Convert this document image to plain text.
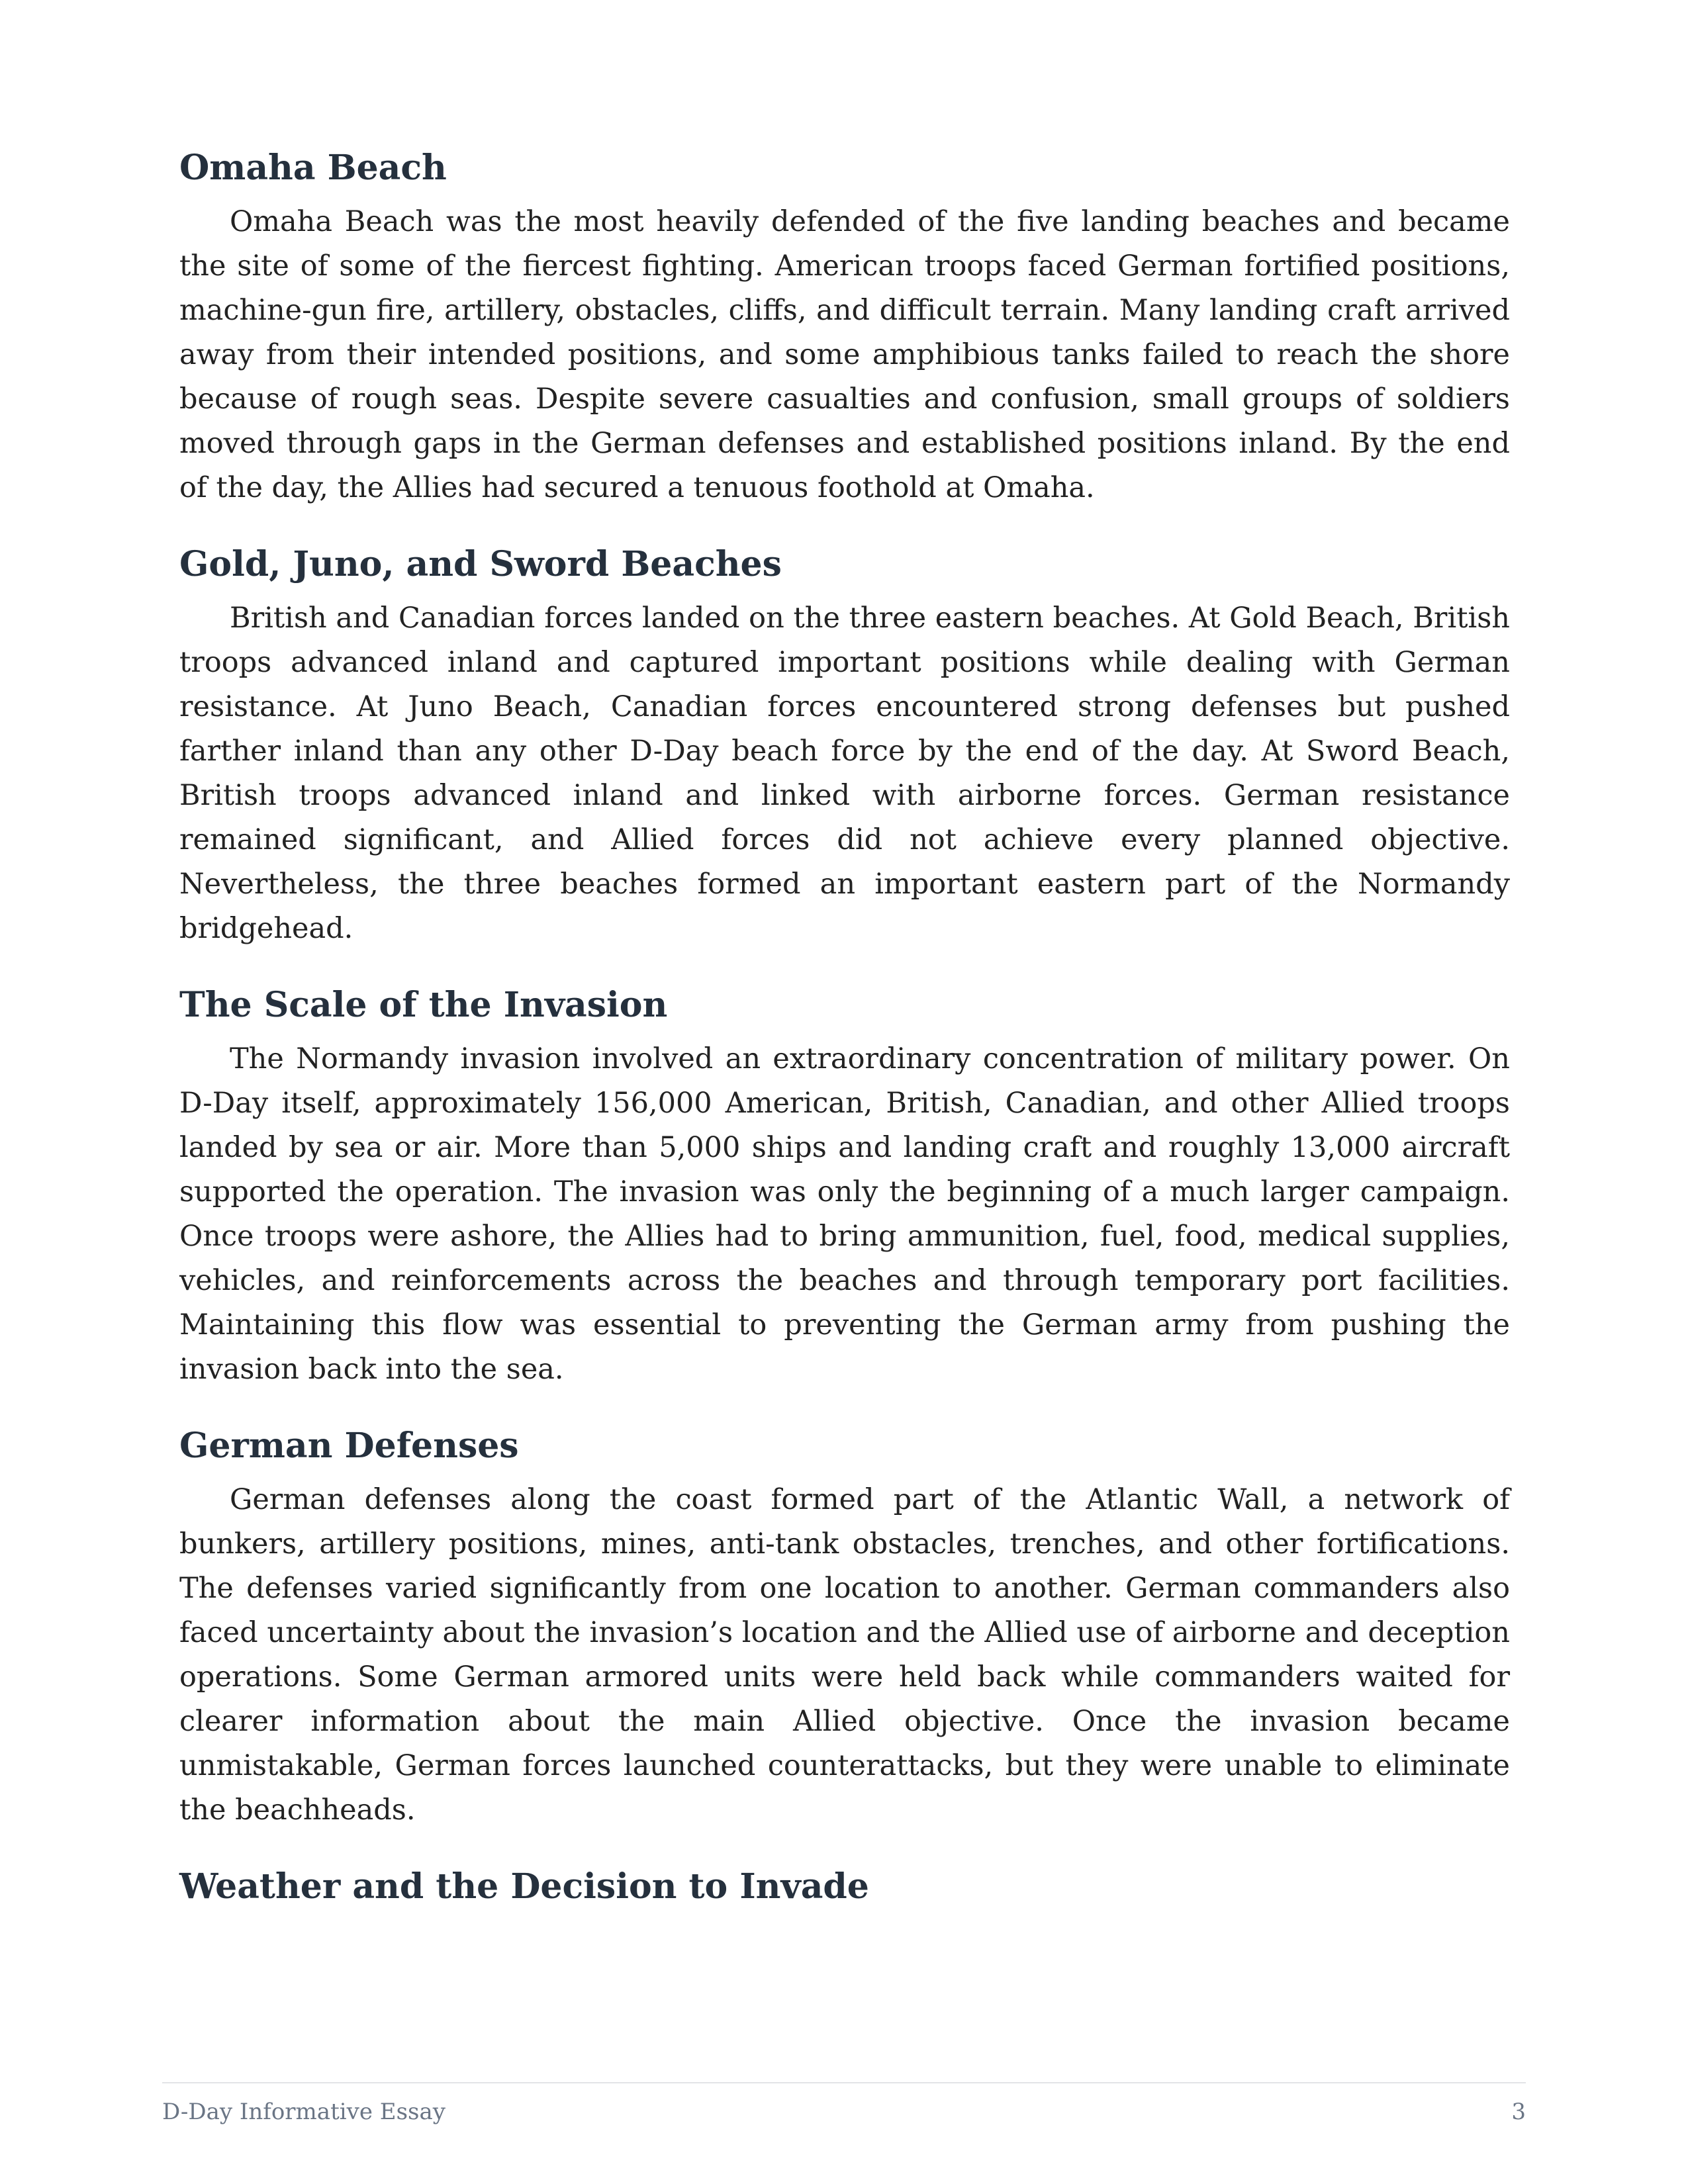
Omaha Beach

Omaha Beach was the most heavily defended of the five landing beaches and became the site of some of the fiercest fighting. American troops faced German fortified positions, machine-gun fire, artillery, obstacles, cliffs, and difficult terrain. Many landing craft arrived away from their intended positions, and some amphibious tanks failed to reach the shore because of rough seas. Despite severe casualties and confusion, small groups of soldiers moved through gaps in the German defenses and established positions inland. By the end of the day, the Allies had secured a tenuous foothold at Omaha.

Gold, Juno, and Sword Beaches

British and Canadian forces landed on the three eastern beaches. At Gold Beach, British troops advanced inland and captured important positions while dealing with German resistance. At Juno Beach, Canadian forces encountered strong defenses but pushed farther inland than any other D-Day beach force by the end of the day. At Sword Beach, British troops advanced inland and linked with airborne forces. German resistance remained significant, and Allied forces did not achieve every planned objective. Nevertheless, the three beaches formed an important eastern part of the Normandy bridgehead.

The Scale of the Invasion

The Normandy invasion involved an extraordinary concentration of military power. On D-Day itself, approximately 156,000 American, British, Canadian, and other Allied troops landed by sea or air. More than 5,000 ships and landing craft and roughly 13,000 aircraft supported the operation. The invasion was only the beginning of a much larger campaign. Once troops were ashore, the Allies had to bring ammunition, fuel, food, medical supplies, vehicles, and reinforcements across the beaches and through temporary port facilities. Maintaining this flow was essential to preventing the German army from pushing the invasion back into the sea.

German Defenses

German defenses along the coast formed part of the Atlantic Wall, a network of bunkers, artillery positions, mines, anti-tank obstacles, trenches, and other fortifications. The defenses varied significantly from one location to another. German commanders also faced uncertainty about the invasion’s location and the Allied use of airborne and deception operations. Some German armored units were held back while commanders waited for clearer information about the main Allied objective. Once the invasion became unmistakable, German forces launched counterattacks, but they were unable to eliminate the beachheads.

Weather and the Decision to Invade
D-Day Informative Essay	3
